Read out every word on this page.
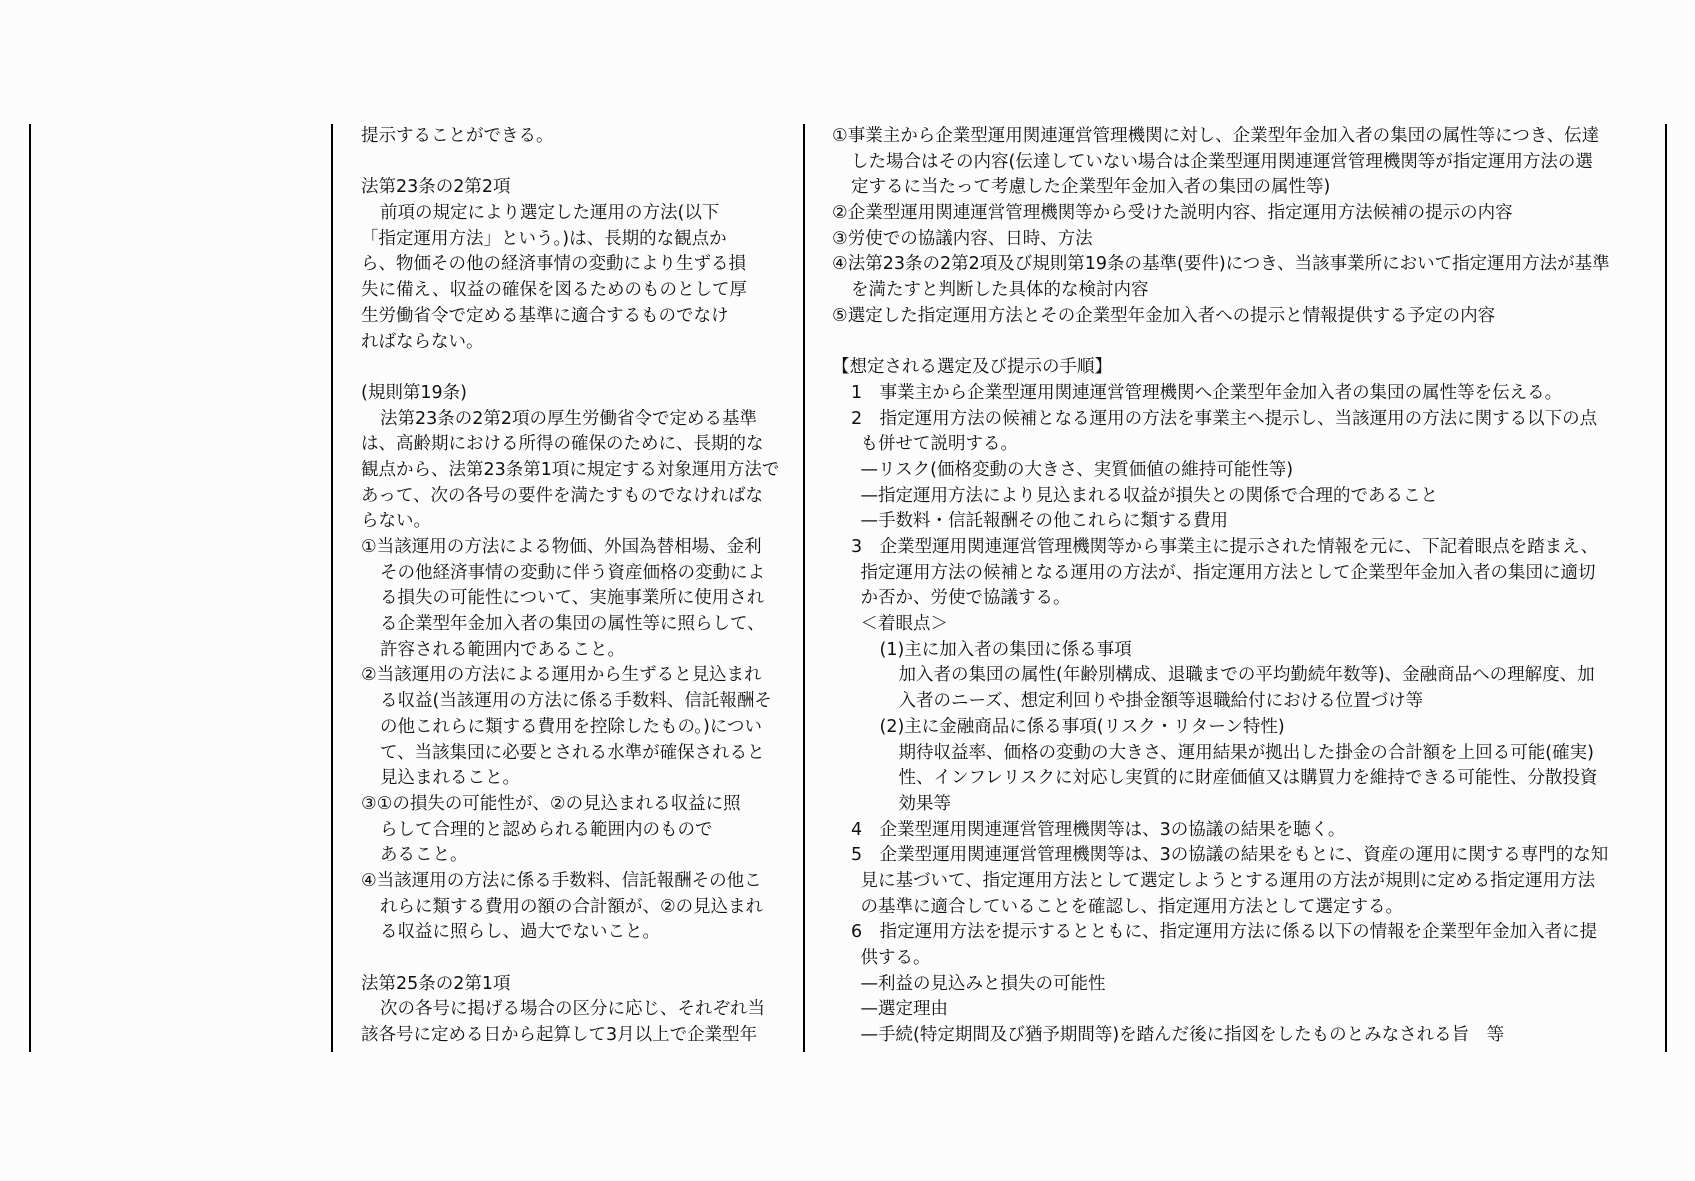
提示することができる。
法第23条の2第2項
前項の規定により選定した運用の方法(以下
「指定運用方法」という。)は、長期的な観点か
ら、物価その他の経済事情の変動により生ずる損
失に備え、収益の確保を図るためのものとして厚
生労働省令で定める基準に適合するものでなけ
ればならない。
(規則第19条)
法第23条の2第2項の厚生労働省令で定める基準
は、高齢期における所得の確保のために、長期的な
観点から、法第23条第1項に規定する対象運用方法で
あって、次の各号の要件を満たすものでなければな
らない。
①当該運用の方法による物価、外国為替相場、金利
その他経済事情の変動に伴う資産価格の変動によ
る損失の可能性について、実施事業所に使用され
る企業型年金加入者の集団の属性等に照らして、
許容される範囲内であること。
②当該運用の方法による運用から生ずると見込まれ
る収益(当該運用の方法に係る手数料、信託報酬そ
の他これらに類する費用を控除したもの。)につい
て、当該集団に必要とされる水準が確保されると
見込まれること。
③①の損失の可能性が、②の見込まれる収益に照
らして合理的と認められる範囲内のもので
あること。
④当該運用の方法に係る手数料、信託報酬その他こ
れらに類する費用の額の合計額が、②の見込まれ
る収益に照らし、過大でないこと。
法第25条の2第1項
次の各号に掲げる場合の区分に応じ、それぞれ当
該各号に定める日から起算して3月以上で企業型年
①事業主から企業型運用関連運営管理機関に対し、企業型年金加入者の集団の属性等につき、伝達
した場合はその内容(伝達していない場合は企業型運用関連運営管理機関等が指定運用方法の選
定するに当たって考慮した企業型年金加入者の集団の属性等)
②企業型運用関連運営管理機関等から受けた説明内容、指定運用方法候補の提示の内容
③労使での協議内容、日時、方法
④法第23条の2第2項及び規則第19条の基準(要件)につき、当該事業所において指定運用方法が基準
を満たすと判断した具体的な検討内容
⑤選定した指定運用方法とその企業型年金加入者への提示と情報提供する予定の内容
【想定される選定及び提示の手順】
1　事業主から企業型運用関連運営管理機関へ企業型年金加入者の集団の属性等を伝える。
2　指定運用方法の候補となる運用の方法を事業主へ提示し、当該運用の方法に関する以下の点
も併せて説明する。
—リスク(価格変動の大きさ、実質価値の維持可能性等)
—指定運用方法により見込まれる収益が損失との関係で合理的であること
—手数料・信託報酬その他これらに類する費用
3　企業型運用関連運営管理機関等から事業主に提示された情報を元に、下記着眼点を踏まえ、
指定運用方法の候補となる運用の方法が、指定運用方法として企業型年金加入者の集団に適切
か否か、労使で協議する。
＜着眼点＞
(1)主に加入者の集団に係る事項
加入者の集団の属性(年齢別構成、退職までの平均勤続年数等)、金融商品への理解度、加
入者のニーズ、想定利回りや掛金額等退職給付における位置づけ等
(2)主に金融商品に係る事項(リスク・リターン特性)
期待収益率、価格の変動の大きさ、運用結果が拠出した掛金の合計額を上回る可能(確実)
性、インフレリスクに対応し実質的に財産価値又は購買力を維持できる可能性、分散投資
効果等
4　企業型運用関連運営管理機関等は、3の協議の結果を聴く。
5　企業型運用関連運営管理機関等は、3の協議の結果をもとに、資産の運用に関する専門的な知
見に基づいて、指定運用方法として選定しようとする運用の方法が規則に定める指定運用方法
の基準に適合していることを確認し、指定運用方法として選定する。
6　指定運用方法を提示するとともに、指定運用方法に係る以下の情報を企業型年金加入者に提
供する。
—利益の見込みと損失の可能性
—選定理由
—手続(特定期間及び猶予期間等)を踏んだ後に指図をしたものとみなされる旨　等
